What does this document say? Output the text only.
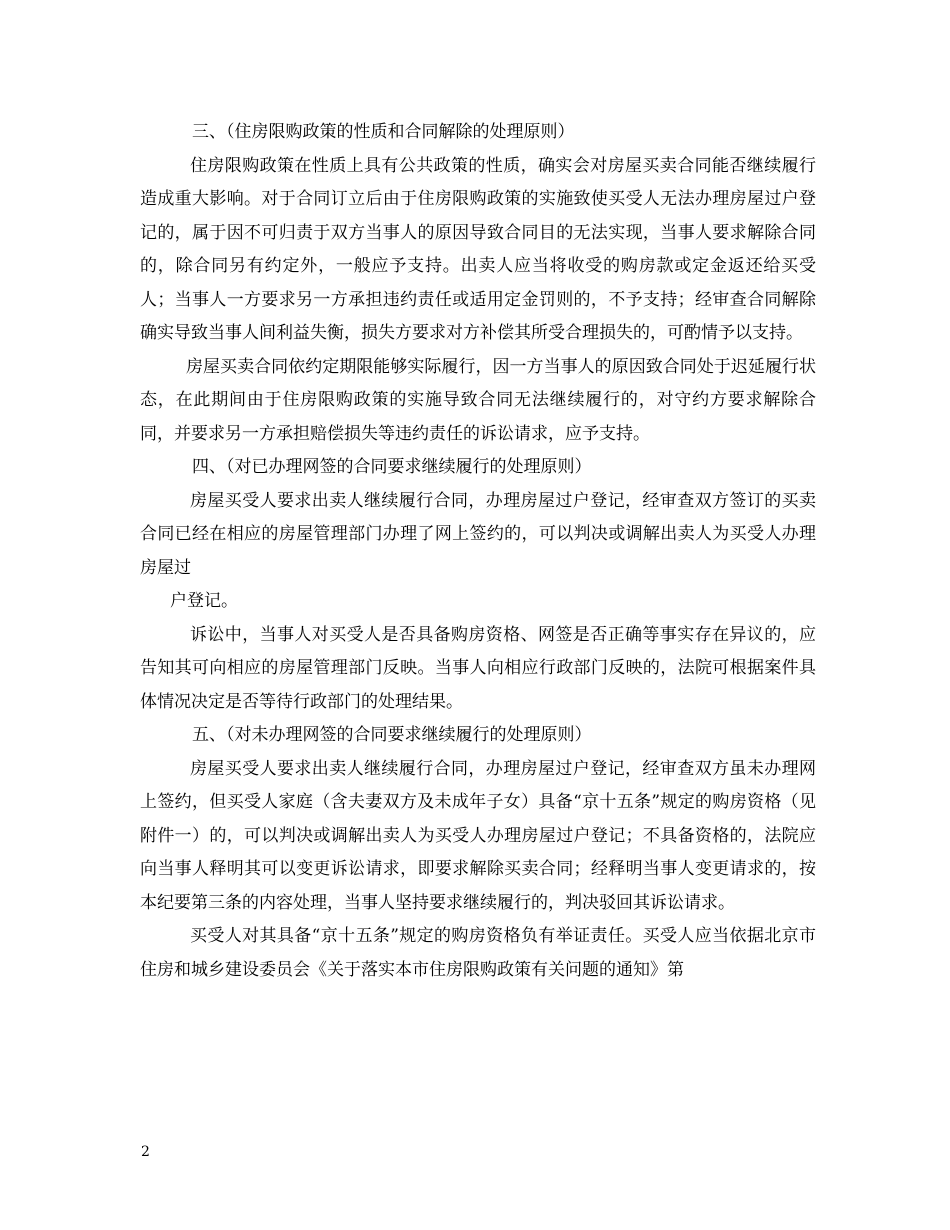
三、（住房限购政策的性质和合同解除的处理原则）

住房限购政策在性质上具有公共政策的性质，确实会对房屋买卖合同能否继续履行造成重大影响。对于合同订立后由于住房限购政策的实施致使买受人无法办理房屋过户登记的，属于因不可归责于双方当事人的原因导致合同目的无法实现，当事人要求解除合同的，除合同另有约定外，一般应予支持。出卖人应当将收受的购房款或定金返还给买受人；当事人一方要求另一方承担违约责任或适用定金罚则的，不予支持；经审查合同解除确实导致当事人间利益失衡，损失方要求对方补偿其所受合理损失的，可酌情予以支持。

房屋买卖合同依约定期限能够实际履行，因一方当事人的原因致合同处于迟延履行状态，在此期间由于住房限购政策的实施导致合同无法继续履行的，对守约方要求解除合同，并要求另一方承担赔偿损失等违约责任的诉讼请求，应予支持。

四、（对已办理网签的合同要求继续履行的处理原则）

房屋买受人要求出卖人继续履行合同，办理房屋过户登记，经审查双方签订的买卖合同已经在相应的房屋管理部门办理了网上签约的，可以判决或调解出卖人为买受人办理房屋过

户登记。

诉讼中，当事人对买受人是否具备购房资格、网签是否正确等事实存在异议的，应告知其可向相应的房屋管理部门反映。当事人向相应行政部门反映的，法院可根据案件具体情况决定是否等待行政部门的处理结果。

五、（对未办理网签的合同要求继续履行的处理原则）

房屋买受人要求出卖人继续履行合同，办理房屋过户登记，经审查双方虽未办理网上签约，但买受人家庭（含夫妻双方及未成年子女）具备“京十五条”规定的购房资格（见附件一）的，可以判决或调解出卖人为买受人办理房屋过户登记；不具备资格的，法院应向当事人释明其可以变更诉讼请求，即要求解除买卖合同；经释明当事人变更请求的，按本纪要第三条的内容处理，当事人坚持要求继续履行的，判决驳回其诉讼请求。

买受人对其具备“京十五条”规定的购房资格负有举证责任。买受人应当依据北京市住房和城乡建设委员会《关于落实本市住房限购政策有关问题的通知》第

2
